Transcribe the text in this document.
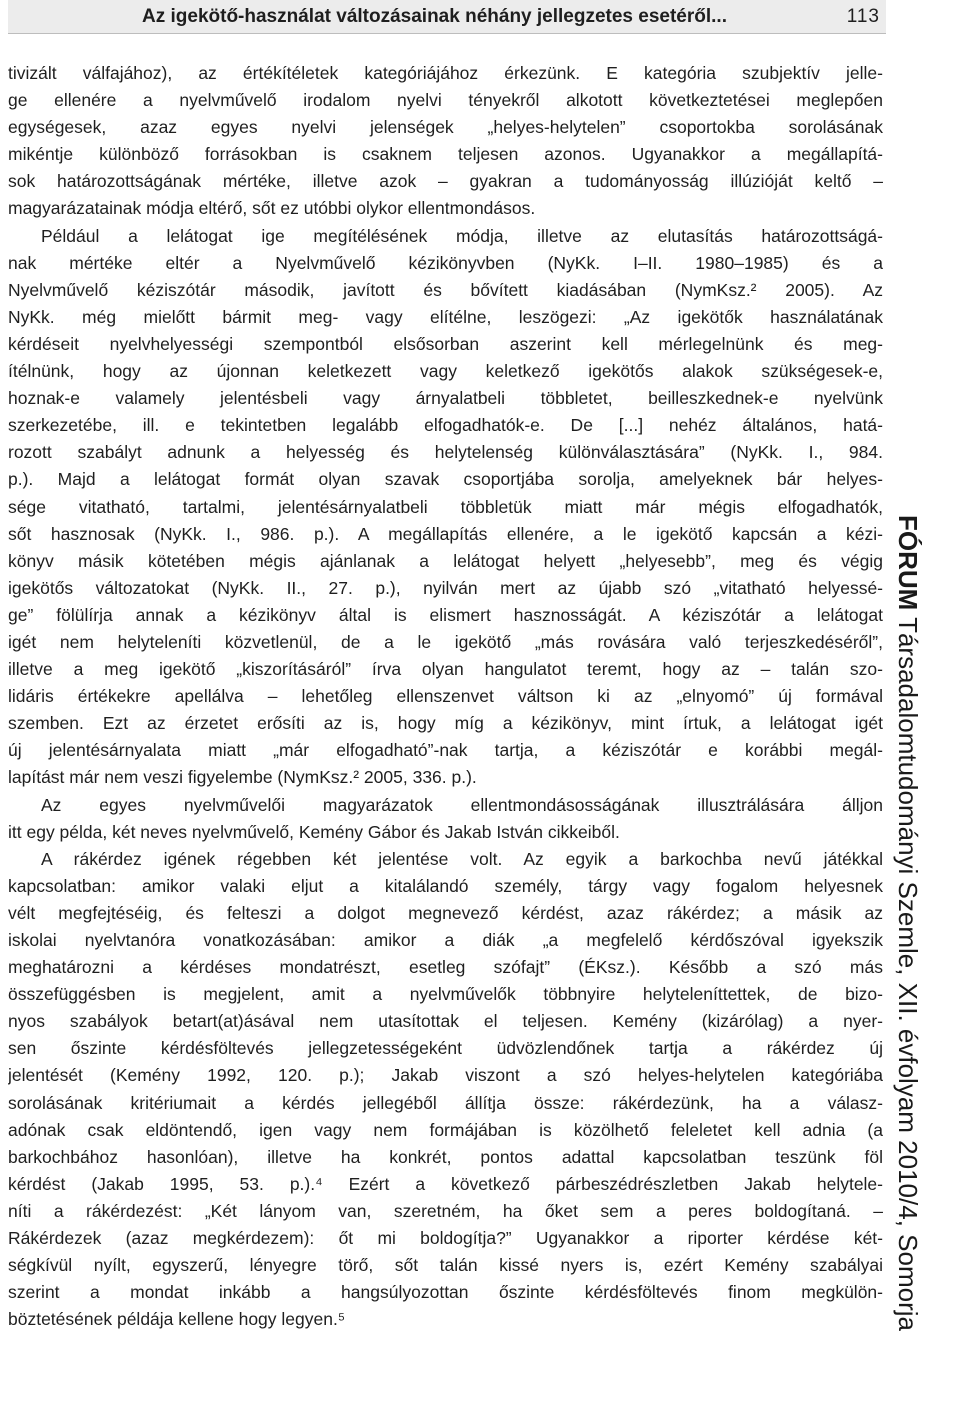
Az igekötő-használat változásainak néhány jellegzetes esetéről...	113
tivizált válfajához), az értékítéletek kategóriájához érkezünk. E kategória szubjektív jelle-
ge ellenére a nyelvművelő irodalom nyelvi tényekről alkotott következtetései meglepően
egységesek, azaz egyes nyelvi jelenségek „helyes-helytelen” csoportokba sorolásának
mikéntje különböző forrásokban is csaknem teljesen azonos. Ugyanakkor a megállapítá-
sok határozottságának mértéke, illetve azok – gyakran a tudományosság illúzióját keltő –
magyarázatainak módja eltérő, sőt ez utóbbi olykor ellentmondásos.
Például a lelátogat ige megítélésének módja, illetve az elutasítás határozottságá-
nak mértéke eltér a Nyelvművelő kézikönyvben (NyKk. I–II. 1980–1985) és a
Nyelvművelő kéziszótár második, javított és bővített kiadásában (NymKsz.² 2005). Az
NyKk. még mielőtt bármit meg- vagy elítélne, leszögezi: „Az igekötők használatának
kérdéseit nyelvhelyességi szempontból elsősorban aszerint kell mérlegelnünk és meg-
ítélnünk, hogy az újonnan keletkezett vagy keletkező igekötős alakok szükségesek-e,
hoznak-e valamely jelentésbeli vagy árnyalatbeli többletet, beilleszkednek-e nyelvünk
szerkezetébe, ill. e tekintetben legalább elfogadhatók-e. De [...] nehéz általános, hatá-
rozott szabályt adnunk a helyesség és helytelenség különválasztására” (NyKk. I., 984.
p.). Majd a lelátogat formát olyan szavak csoportjába sorolja, amelyeknek bár helyes-
sége vitatható, tartalmi, jelentésárnyalatbeli többletük miatt már mégis elfogadhatók,
sőt hasznosak (NyKk. I., 986. p.). A megállapítás ellenére, a le igekötő kapcsán a kézi-
könyv másik kötetében mégis ajánlanak a lelátogat helyett „helyesebb”, meg és végig
igekötős változatokat (NyKk. II., 27. p.), nyilván mert az újabb szó „vitatható helyessé-
ge” fölülírja annak a kézikönyv által is elismert hasznosságát. A kéziszótár a lelátogat
igét nem helyteleníti közvetlenül, de a le igekötő „más rovására való terjeszkedéséről”,
illetve a meg igekötő „kiszorításáról” írva olyan hangulatot teremt, hogy az – talán szo-
lidáris értékekre apellálva – lehetőleg ellenszenvet váltson ki az „elnyomó” új formával
szemben. Ezt az érzetet erősíti az is, hogy míg a kézikönyv, mint írtuk, a lelátogat igét
új jelentésárnyalata miatt „már elfogadható”-nak tartja, a kéziszótár e korábbi megál-
lapítást már nem veszi figyelembe (NymKsz.² 2005, 336. p.).
Az egyes nyelvművelői magyarázatok ellentmondásosságának illusztrálására álljon
itt egy példa, két neves nyelvművelő, Kemény Gábor és Jakab István cikkeiből.
A rákérdez igének régebben két jelentése volt. Az egyik a barkochba nevű játékkal
kapcsolatban: amikor valaki eljut a kitalálandó személy, tárgy vagy fogalom helyesnek
vélt megfejtéséig, és felteszi a dolgot megnevező kérdést, azaz rákérdez; a másik az
iskolai nyelvtanóra vonatkozásában: amikor a diák „a megfelelő kérdőszóval igyekszik
meghatározni a kérdéses mondatrészt, esetleg szófajt” (ÉKsz.). Később a szó más
összefüggésben is megjelent, amit a nyelvművelők többnyire helyteleníttettek, de bizo-
nyos szabályok betart(at)ásával nem utasítottak el teljesen. Kemény (kizárólag) a nyer-
sen őszinte kérdésföltevés jellegzetességeként üdvözlendőnek tartja a rákérdez új
jelentését (Kemény 1992, 120. p.); Jakab viszont a szó helyes-helytelen kategóriába
sorolásának kritériumait a kérdés jellegéből állítja össze: rákérdezünk, ha a válasz-
adónak csak eldöntendő, igen vagy nem formájában is közölhető feleletet kell adnia (a
barkochbához hasonlóan), illetve ha konkrét, pontos adattal kapcsolatban teszünk föl
kérdést (Jakab 1995, 53. p.).⁴ Ezért a következő párbeszédrészletben Jakab helytele-
níti a rákérdezést: „Két lányom van, szeretném, ha őket sem a peres boldogítaná. –
Rákérdezek (azaz megkérdezem): őt mi boldogítja?” Ugyanakkor a riporter kérdése két-
ségkívül nyílt, egyszerű, lényegre törő, sőt talán kissé nyers is, ezért Kemény szabályai
szerint a mondat inkább a hangsúlyozottan őszinte kérdésföltevés finom megkülön-
böztetésének példája kellene hogy legyen.⁵
FÓRUM Társadalomtudományi Szemle, XII. évfolyam 2010/4, Somorja
